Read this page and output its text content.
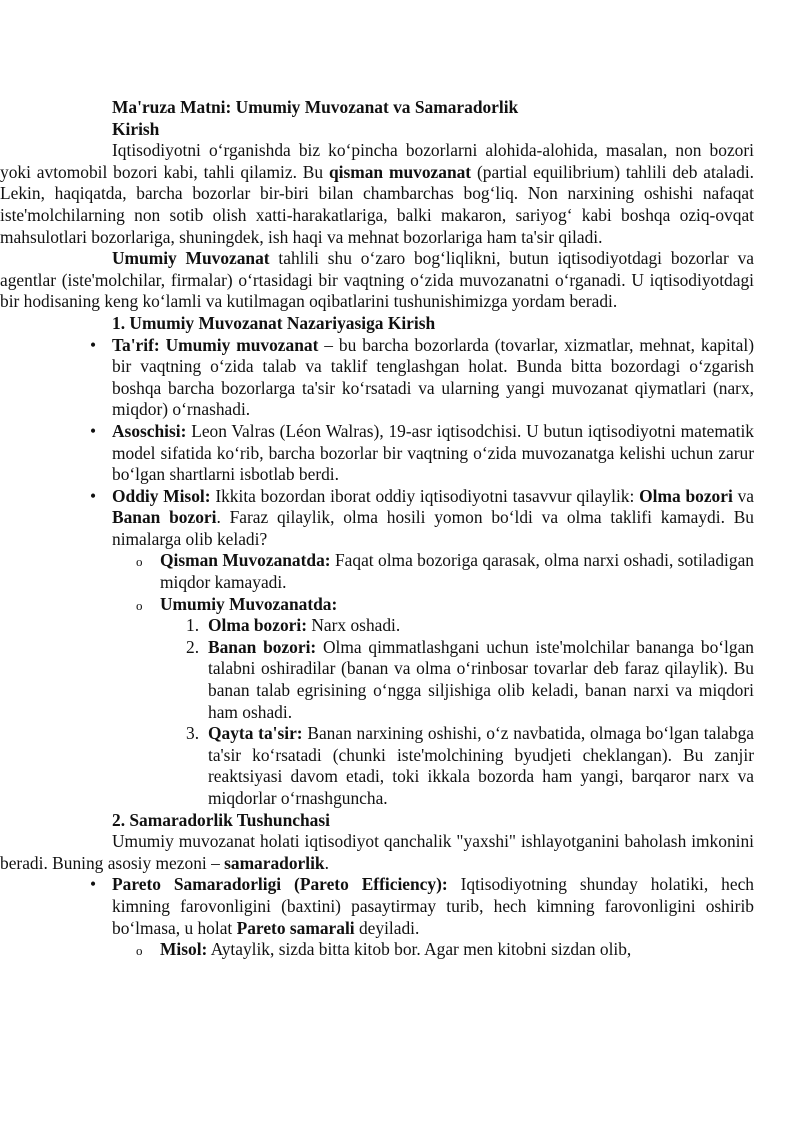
Ma'ruza Matni: Umumiy Muvozanat va Samaradorlik
Kirish
Iqtisodiyotni o‘rganishda biz ko‘pincha bozorlarni alohida-alohida, masalan, non bozori yoki avtomobil bozori kabi, tahli qilamiz. Bu qisman muvozanat (partial equilibrium) tahlili deb ataladi. Lekin, haqiqatda, barcha bozorlar bir-biri bilan chambarchas bog‘liq. Non narxining oshishi nafaqat iste'molchilarning non sotib olish xatti-harakatlariga, balki makaron, sariyog‘ kabi boshqa oziq-ovqat mahsulotlari bozorlariga, shuningdek, ish haqi va mehnat bozorlariga ham ta'sir qiladi.
Umumiy Muvozanat tahlili shu o‘zaro bog‘liqlikni, butun iqtisodiyotdagi bozorlar va agentlar (iste'molchilar, firmalar) o‘rtasidagi bir vaqtning o‘zida muvozanatni o‘rganadi. U iqtisodiyotdagi bir hodisaning keng ko‘lamli va kutilmagan oqibatlarini tushunishimizga yordam beradi.
1. Umumiy Muvozanat Nazariyasiga Kirish
• Ta'rif: Umumiy muvozanat – bu barcha bozorlarda (tovarlar, xizmatlar, mehnat, kapital) bir vaqtning o‘zida talab va taklif tenglashgan holat. Bunda bitta bozordagi o‘zgarish boshqa barcha bozorlarga ta'sir ko‘rsatadi va ularning yangi muvozanat qiymatlari (narx, miqdor) o‘rnashadi.
• Asoschisi: Leon Valras (Léon Walras), 19-asr iqtisodchisi. U butun iqtisodiyotni matematik model sifatida ko‘rib, barcha bozorlar bir vaqtning o‘zida muvozanatga kelishi uchun zarur bo‘lgan shartlarni isbotlab berdi.
• Oddiy Misol: Ikkita bozordan iborat oddiy iqtisodiyotni tasavvur qilaylik: Olma bozori va Banan bozori. Faraz qilaylik, olma hosili yomon bo‘ldi va olma taklifi kamaydi. Bu nimalarga olib keladi?
o Qisman Muvozanatda: Faqat olma bozoriga qarasak, olma narxi oshadi, sotiladigan miqdor kamayadi.
o Umumiy Muvozanatda:
1. Olma bozori: Narx oshadi.
2. Banan bozori: Olma qimmatlashgani uchun iste'molchilar bananga bo‘lgan talabni oshiradilar (banan va olma o‘rinbosar tovarlar deb faraz qilaylik). Bu banan talab egrisining o‘ngga siljishiga olib keladi, banan narxi va miqdori ham oshadi.
3. Qayta ta'sir: Banan narxining oshishi, o‘z navbatida, olmaga bo‘lgan talabga ta'sir ko‘rsatadi (chunki iste'molchining byudjeti cheklangan). Bu zanjir reaktsiyasi davom etadi, toki ikkala bozorda ham yangi, barqaror narx va miqdorlar o‘rnashguncha.
2. Samaradorlik Tushunchasi
Umumiy muvozanat holati iqtisodiyot qanchalik "yaxshi" ishlayotganini baholash imkonini beradi. Buning asosiy mezoni – samaradorlik.
• Pareto Samaradorligi (Pareto Efficiency): Iqtisodiyotning shunday holatiki, hech kimning farovonligini (baxtini) pasaytirmay turib, hech kimning farovonligini oshirib bo‘lmasa, u holat Pareto samarali deyiladi.
o Misol: Aytaylik, sizda bitta kitob bor. Agar men kitobni sizdan olib,
